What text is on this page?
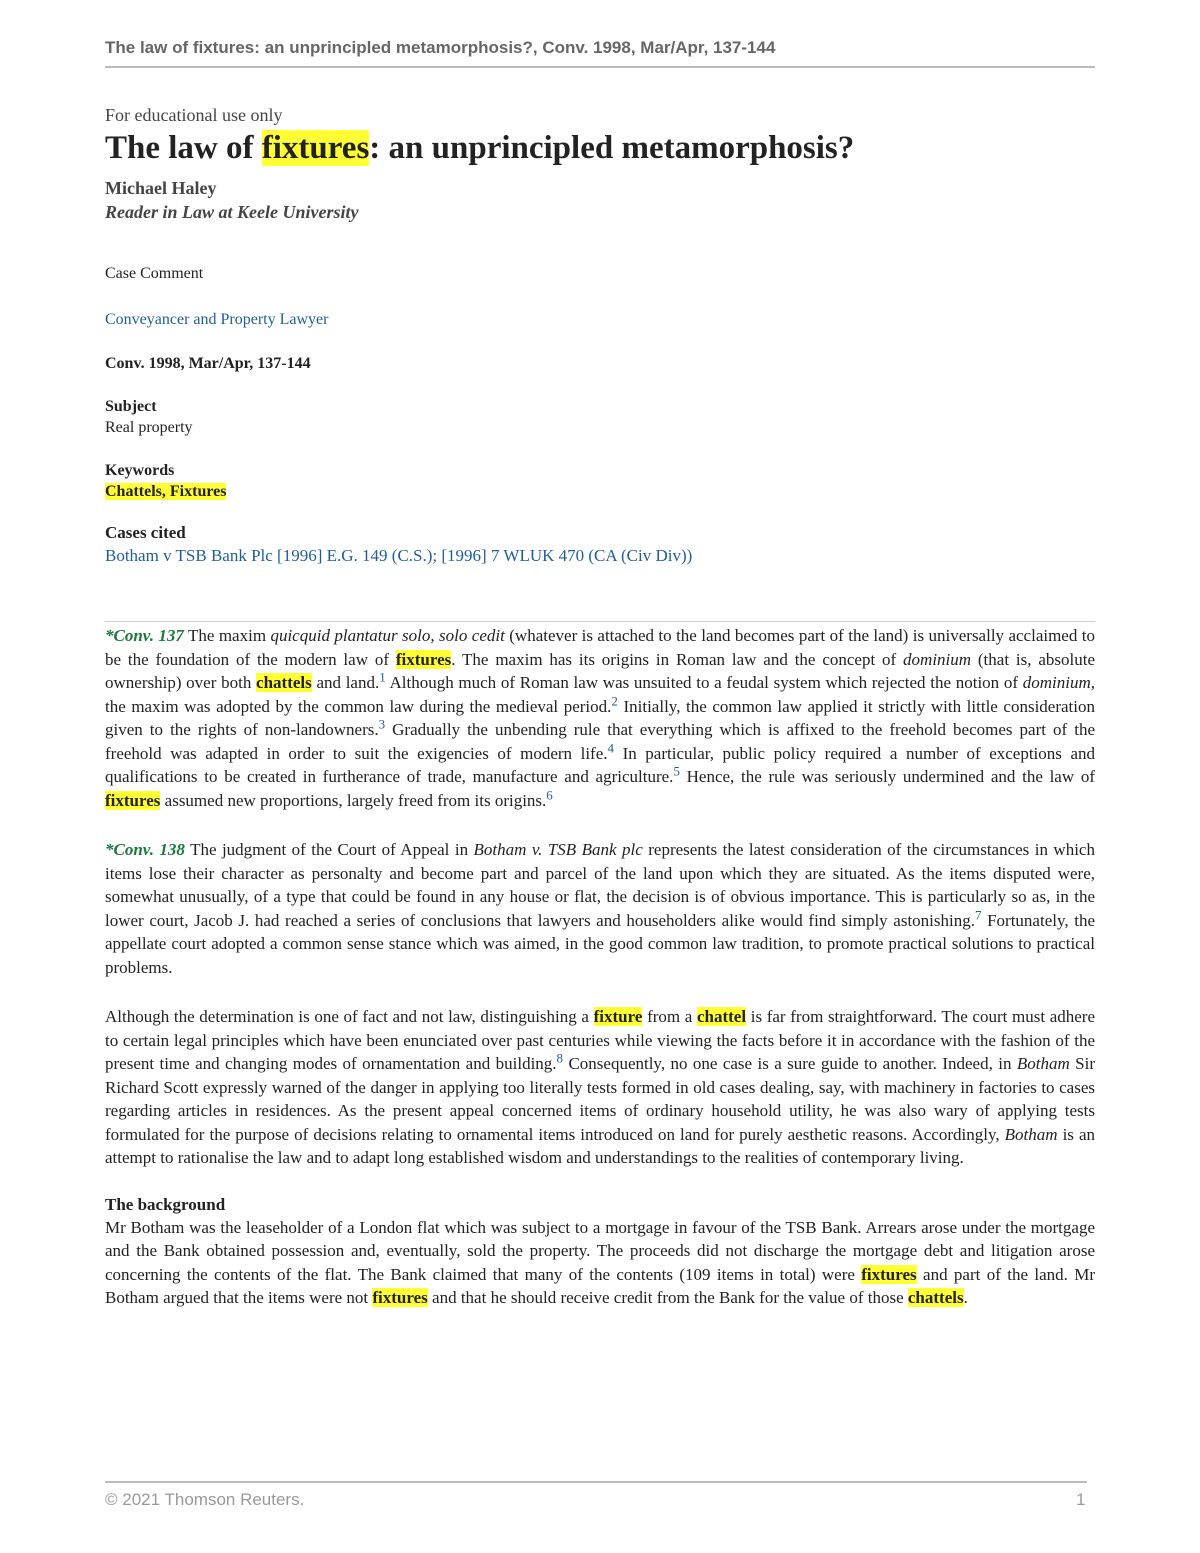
The law of fixtures: an unprincipled metamorphosis?, Conv. 1998, Mar/Apr, 137-144
For educational use only
The law of fixtures: an unprincipled metamorphosis?
Michael Haley
Reader in Law at Keele University
Case Comment
Conveyancer and Property Lawyer
Conv. 1998, Mar/Apr, 137-144
Subject
Real property
Keywords
Chattels, Fixtures
Cases cited
Botham v TSB Bank Plc [1996] E.G. 149 (C.S.); [1996] 7 WLUK 470 (CA (Civ Div))

*Conv. 137 The maxim quicquid plantatur solo, solo cedit (whatever is attached to the land becomes part of the land) is universally acclaimed to be the foundation of the modern law of fixtures. The maxim has its origins in Roman law and the concept of dominium (that is, absolute ownership) over both chattels and land.$^1$ Although much of Roman law was unsuited to a feudal system which rejected the notion of dominium, the maxim was adopted by the common law during the medieval period.$^2$ Initially, the common law applied it strictly with little consideration given to the rights of non-landowners.$^3$ Gradually the unbending rule that everything which is affixed to the freehold becomes part of the freehold was adapted in order to suit the exigencies of modern life.$^4$ In particular, public policy required a number of exceptions and qualifications to be created in furtherance of trade, manufacture and agriculture.$^5$ Hence, the rule was seriously undermined and the law of fixtures assumed new proportions, largely freed from its origins.$^6$

*Conv. 138 The judgment of the Court of Appeal in Botham v. TSB Bank plc represents the latest consideration of the circumstances in which items lose their character as personalty and become part and parcel of the land upon which they are situated. As the items disputed were, somewhat unusually, of a type that could be found in any house or flat, the decision is of obvious importance. This is particularly so as, in the lower court, Jacob J. had reached a series of conclusions that lawyers and householders alike would find simply astonishing.$^7$ Fortunately, the appellate court adopted a common sense stance which was aimed, in the good common law tradition, to promote practical solutions to practical problems.

Although the determination is one of fact and not law, distinguishing a fixture from a chattel is far from straightforward. The court must adhere to certain legal principles which have been enunciated over past centuries while viewing the facts before it in accordance with the fashion of the present time and changing modes of ornamentation and building.$^8$ Consequently, no one case is a sure guide to another. Indeed, in Botham Sir Richard Scott expressly warned of the danger in applying too literally tests formed in old cases dealing, say, with machinery in factories to cases regarding articles in residences. As the present appeal concerned items of ordinary household utility, he was also wary of applying tests formulated for the purpose of decisions relating to ornamental items introduced on land for purely aesthetic reasons. Accordingly, Botham is an attempt to rationalise the law and to adapt long established wisdom and understandings to the realities of contemporary living.

The background

Mr Botham was the leaseholder of a London flat which was subject to a mortgage in favour of the TSB Bank. Arrears arose under the mortgage and the Bank obtained possession and, eventually, sold the property. The proceeds did not discharge the mortgage debt and litigation arose concerning the contents of the flat. The Bank claimed that many of the contents (109 items in total) were fixtures and part of the land. Mr Botham argued that the items were not fixtures and that he should receive credit from the Bank for the value of those chattels.

© 2021 Thomson Reuters.	1
